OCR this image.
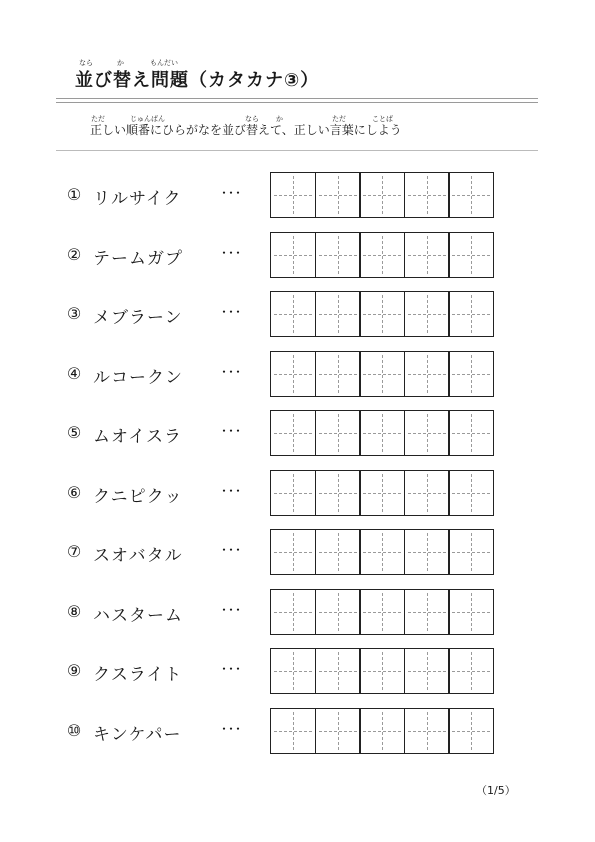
なら	か	もんだい
並び替え問題（カタカナ③）
ただ	じゅんばん	なら か	ただ	ことば
正しい順番にひらがなを並び替えて、正しい言葉にしよう
① リルサイク	･･･
② テームガプ	･･･
③ メブラーン	･･･
④ ルコークン	･･･
⑤ ムオイスラ	･･･
⑥ クニピクッ	･･･
⑦ スオバタル	･･･
⑧ ハスターム	･･･
⑨ クスライト	･･･
⑩ キンケパー	･･･
（1/5）
